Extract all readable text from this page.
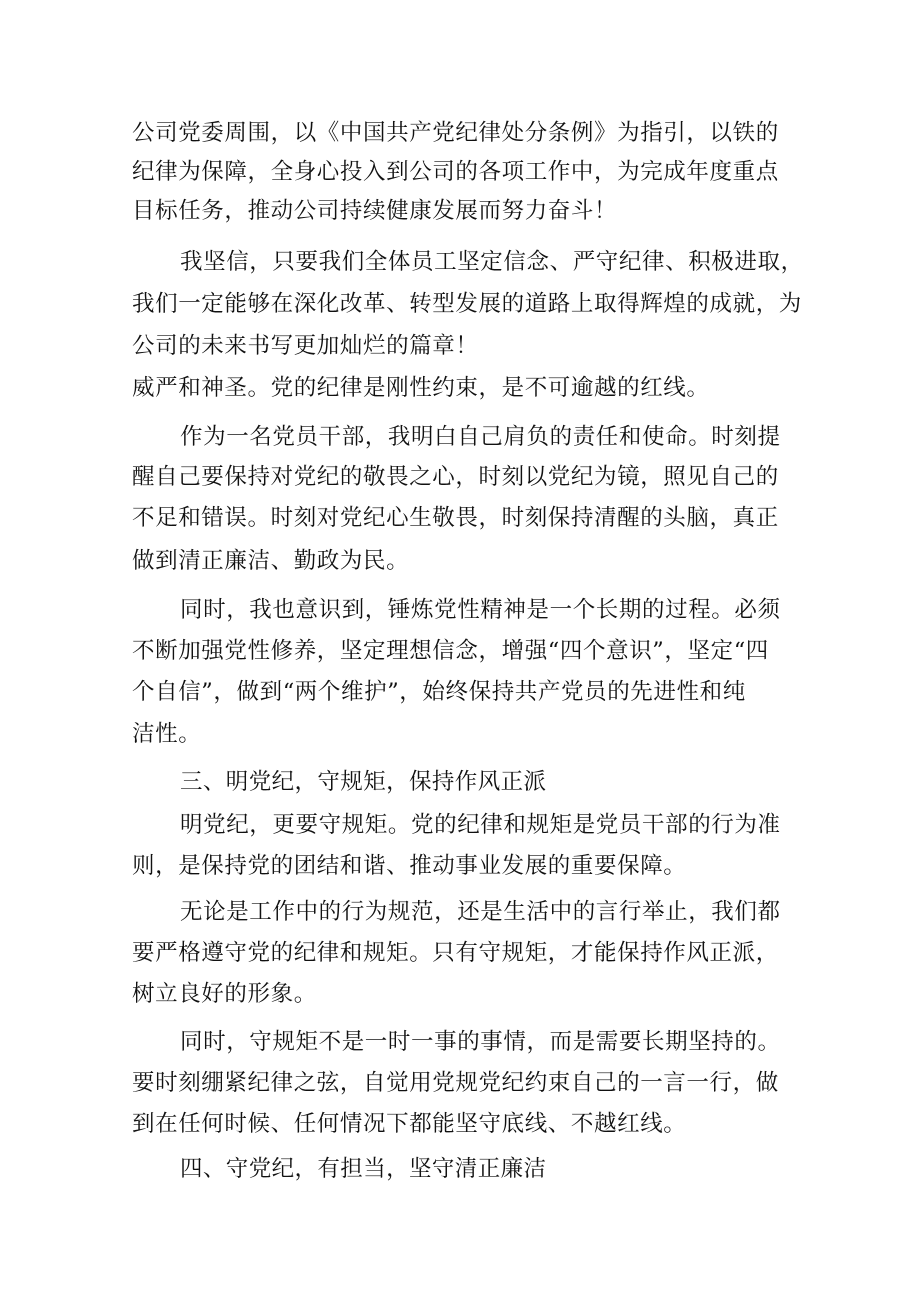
公司党委周围，以《中国共产党纪律处分条例》为指引，以铁的
纪律为保障，全身心投入到公司的各项工作中，为完成年度重点
目标任务，推动公司持续健康发展而努力奋斗！
我坚信，只要我们全体员工坚定信念、严守纪律、积极进取，
我们一定能够在深化改革、转型发展的道路上取得辉煌的成就，为
公司的未来书写更加灿烂的篇章！
威严和神圣。党的纪律是刚性约束，是不可逾越的红线。
作为一名党员干部，我明白自己肩负的责任和使命。时刻提
醒自己要保持对党纪的敬畏之心，时刻以党纪为镜，照见自己的
不足和错误。时刻对党纪心生敬畏，时刻保持清醒的头脑，真正
做到清正廉洁、勤政为民。
同时，我也意识到，锤炼党性精神是一个长期的过程。必须
不断加强党性修养，坚定理想信念，增强“四个意识”，坚定“四
个自信”，做到“两个维护”，始终保持共产党员的先进性和纯
洁性。
三、明党纪，守规矩，保持作风正派
明党纪，更要守规矩。党的纪律和规矩是党员干部的行为准
则，是保持党的团结和谐、推动事业发展的重要保障。
无论是工作中的行为规范，还是生活中的言行举止，我们都
要严格遵守党的纪律和规矩。只有守规矩，才能保持作风正派，
树立良好的形象。
同时，守规矩不是一时一事的事情，而是需要长期坚持的。
要时刻绷紧纪律之弦，自觉用党规党纪约束自己的一言一行，做
到在任何时候、任何情况下都能坚守底线、不越红线。
四、守党纪，有担当，坚守清正廉洁
